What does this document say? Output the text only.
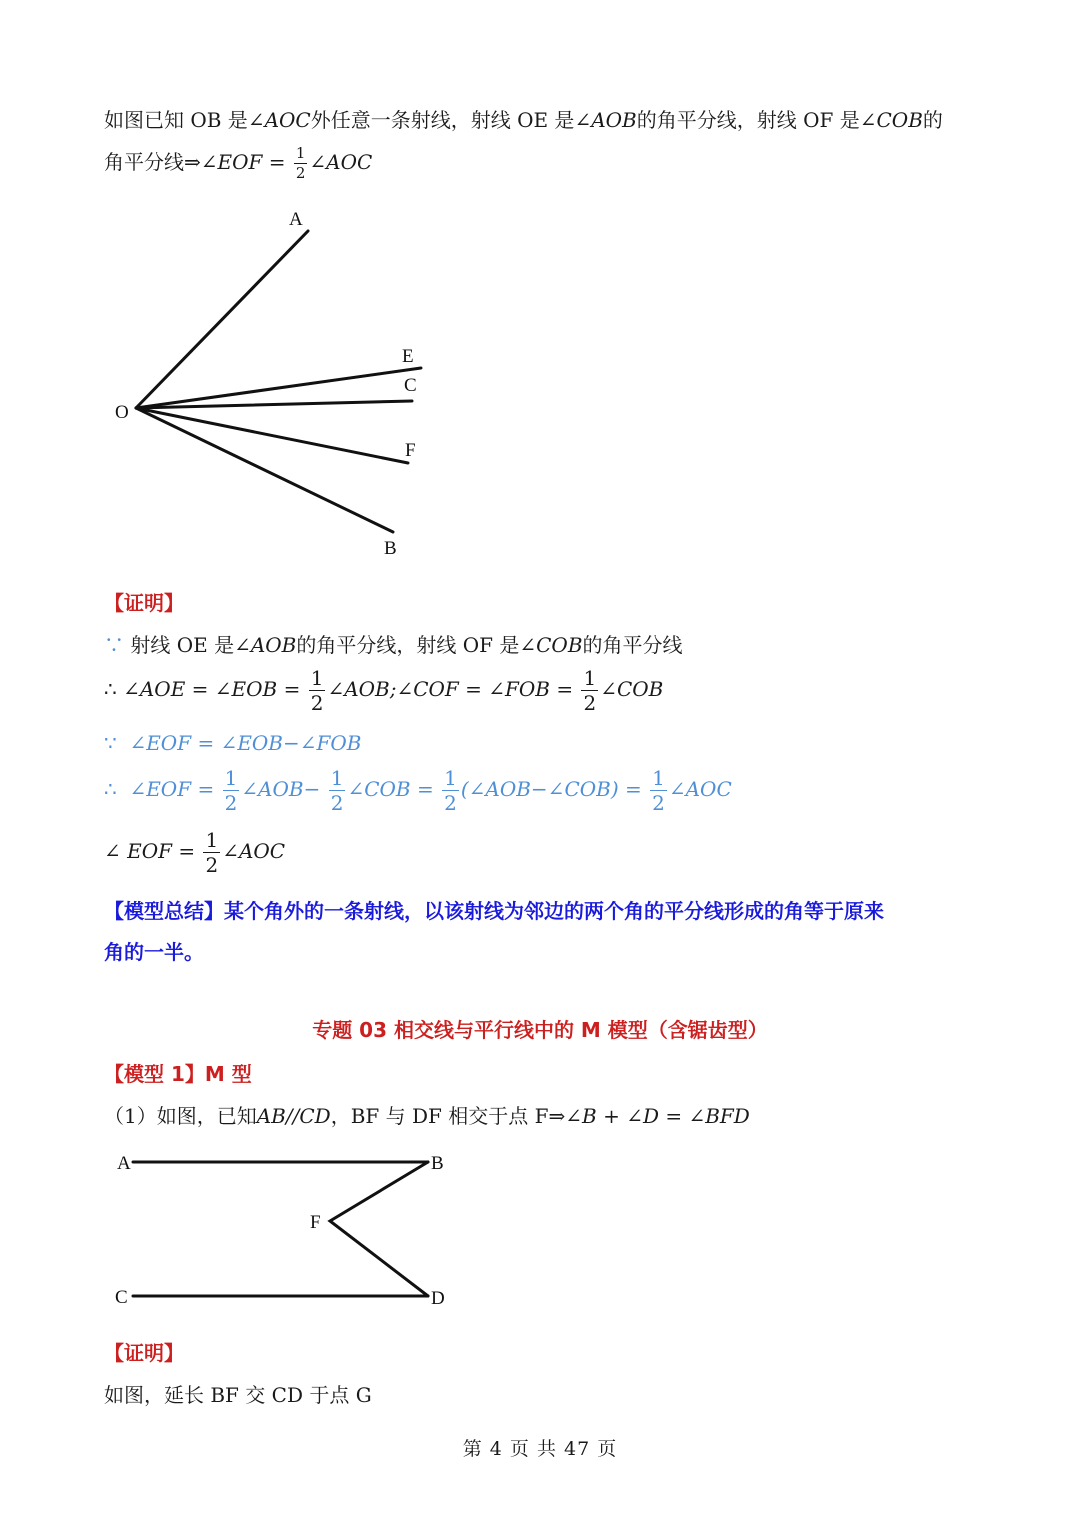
如图已知 OB 是∠AOC外任意一条射线，射线 OE 是∠AOB的角平分线，射线 OF 是∠COB的
角平分线⇒∠EOF = $\frac{1}{2}$ ∠AOC
A
E
C
O
F
B
【证明】
∵ 射线 OE 是∠AOB的角平分线，射线 OF 是∠COB的角平分线
∴ ∠AOE = ∠EOB = $\frac{1}{2}$ ∠AOB;∠COF = ∠FOB = $\frac{1}{2}$ ∠COB
∵ ∠EOF = ∠EOB−∠FOB
∴ ∠EOF = $\frac{1}{2}$ ∠AOB− $\frac{1}{2}$ ∠COB = $\frac{1}{2}$ (∠AOB−∠COB) = $\frac{1}{2}$ ∠AOC
∠ EOF = $\frac{1}{2}$ ∠AOC
【模型总结】某个角外的一条射线，以该射线为邻边的两个角的平分线形成的角等于原来
角的一半。
专题 03 相交线与平行线中的 M 模型（含锯齿型）
【模型 1】M 型
（1）如图，已知AB//CD，BF 与 DF 相交于点 F⇒∠B + ∠D = ∠BFD
A	B
F
C	D
【证明】
如图，延长 BF 交 CD 于点 G
第 4 页 共 47 页
